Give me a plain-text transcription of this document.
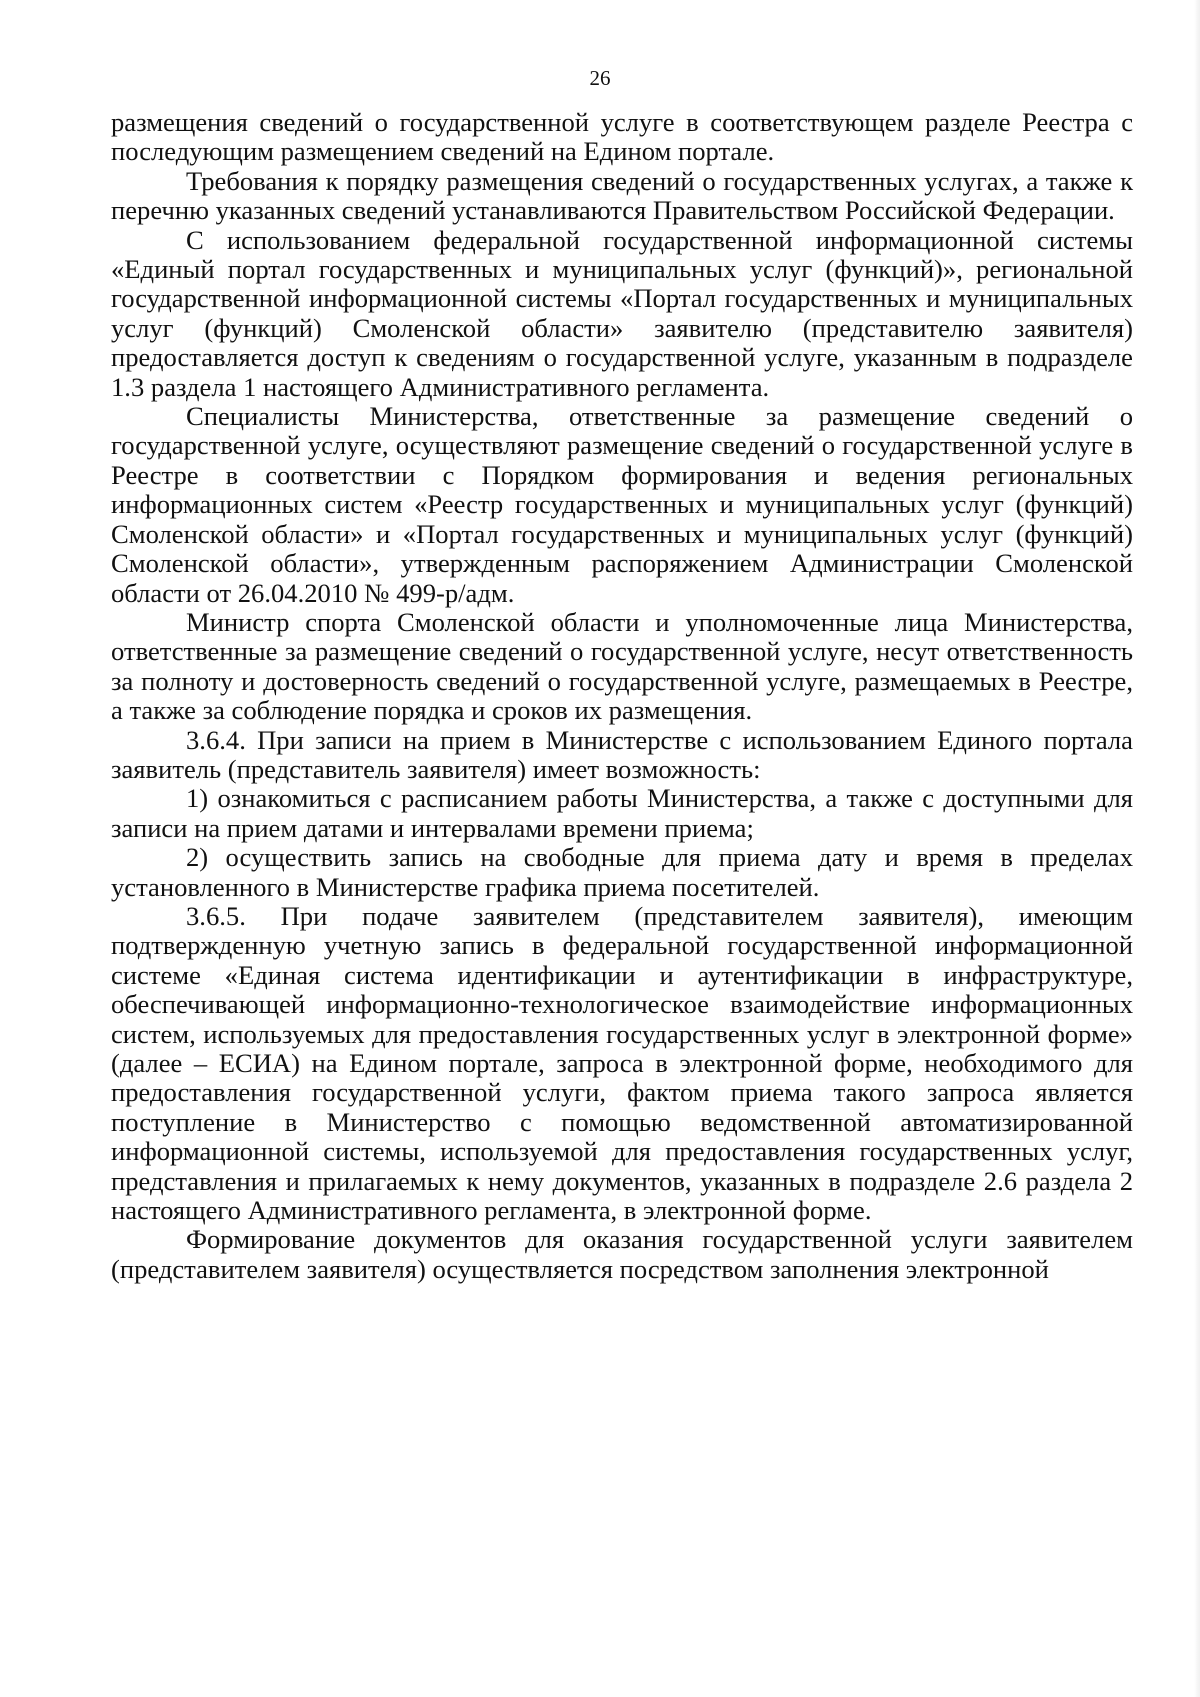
26

размещения сведений о государственной услуге в соответствующем разделе Реестра с последующим размещением сведений на Едином портале.

Требования к порядку размещения сведений о государственных услугах, а также к перечню указанных сведений устанавливаются Правительством Российской Федерации.

С использованием федеральной государственной информационной системы «Единый портал государственных и муниципальных услуг (функций)», региональной государственной информационной системы «Портал государственных и муниципальных услуг (функций) Смоленской области» заявителю (представителю заявителя) предоставляется доступ к сведениям о государственной услуге, указанным в подразделе 1.3 раздела 1 настоящего Административного регламента.

Специалисты Министерства, ответственные за размещение сведений о государственной услуге, осуществляют размещение сведений о государственной услуге в Реестре в соответствии с Порядком формирования и ведения региональных информационных систем «Реестр государственных и муниципальных услуг (функций) Смоленской области» и «Портал государственных и муниципальных услуг (функций) Смоленской области», утвержденным распоряжением Администрации Смоленской области от 26.04.2010 № 499-р/адм.

Министр спорта Смоленской области и уполномоченные лица Министерства, ответственные за размещение сведений о государственной услуге, несут ответственность за полноту и достоверность сведений о государственной услуге, размещаемых в Реестре, а также за соблюдение порядка и сроков их размещения.

3.6.4. При записи на прием в Министерстве с использованием Единого портала заявитель (представитель заявителя) имеет возможность:

1) ознакомиться с расписанием работы Министерства, а также с доступными для записи на прием датами и интервалами времени приема;

2) осуществить запись на свободные для приема дату и время в пределах установленного в Министерстве графика приема посетителей.

3.6.5. При подаче заявителем (представителем заявителя), имеющим подтвержденную учетную запись в федеральной государственной информационной системе «Единая система идентификации и аутентификации в инфраструктуре, обеспечивающей информационно-технологическое взаимодействие информационных систем, используемых для предоставления государственных услуг в электронной форме» (далее – ЕСИА) на Едином портале, запроса в электронной форме, необходимого для предоставления государственной услуги, фактом приема такого запроса является поступление в Министерство с помощью ведомственной автоматизированной информационной системы, используемой для предоставления государственных услуг, представления и прилагаемых к нему документов, указанных в подразделе 2.6 раздела 2 настоящего Административного регламента, в электронной форме.

Формирование документов для оказания государственной услуги заявителем (представителем заявителя) осуществляется посредством заполнения электронной
